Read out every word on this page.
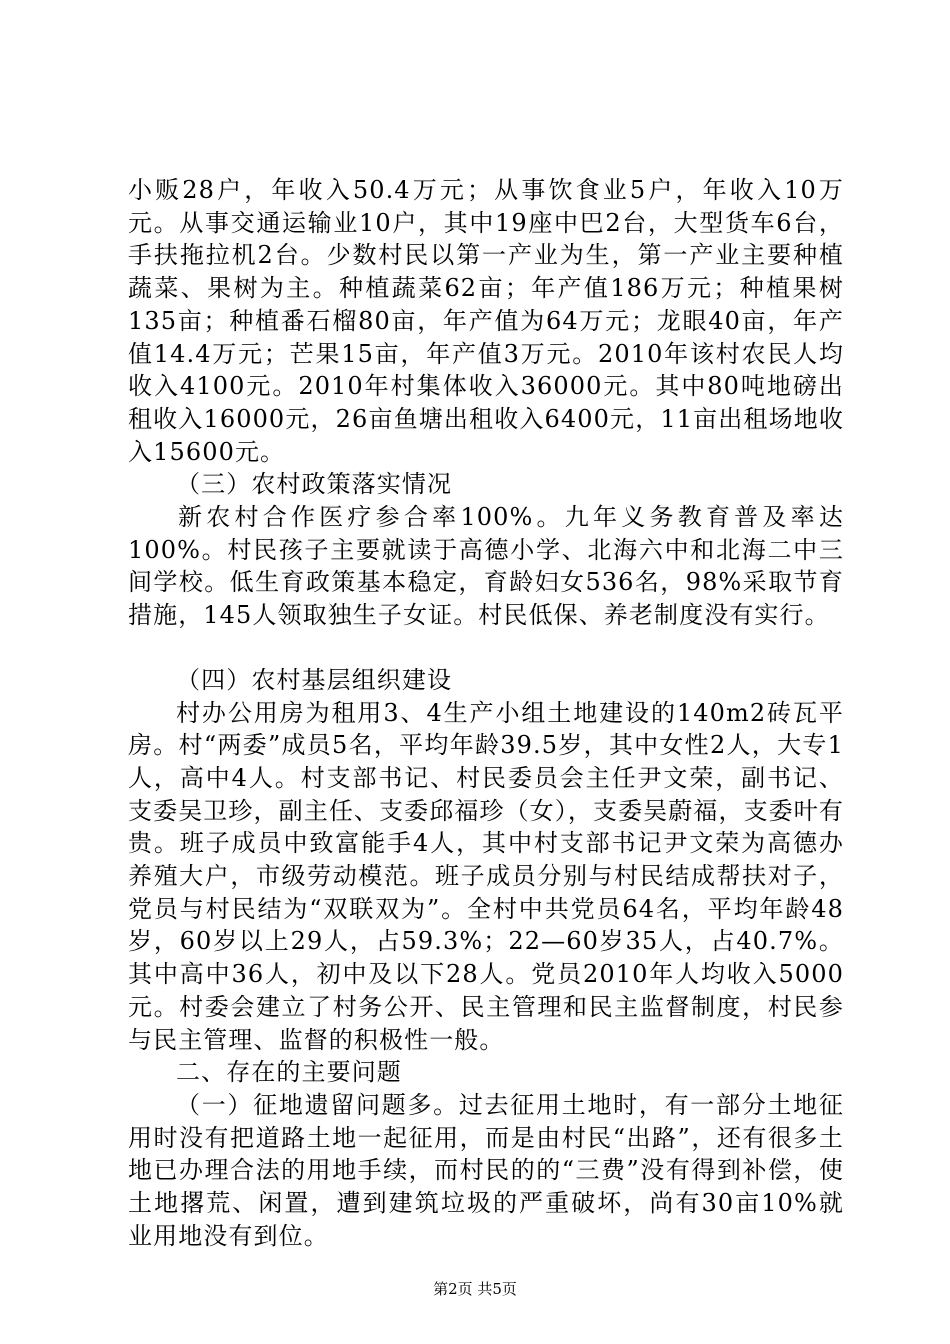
小贩28户，年收入50.4万元；从事饮食业5户，年收入10万元。从事交通运输业10户，其中19座中巴2台，大型货车6台，手扶拖拉机2台。少数村民以第一产业为生，第一产业主要种植蔬菜、果树为主。种植蔬菜62亩；年产值186万元；种植果树135亩；种植番石榴80亩，年产值为64万元；龙眼40亩，年产值14.4万元；芒果15亩，年产值3万元。2010年该村农民人均收入4100元。2010年村集体收入36000元。其中80吨地磅出租收入16000元，26亩鱼塘出租收入6400元，11亩出租场地收入15600元。

（三）农村政策落实情况

新农村合作医疗参合率100%。九年义务教育普及率达100%。村民孩子主要就读于高德小学、北海六中和北海二中三间学校。低生育政策基本稳定，育龄妇女536名，98%采取节育措施，145人领取独生子女证。村民低保、养老制度没有实行。

（四）农村基层组织建设

村办公用房为租用3、4生产小组土地建设的140m2砖瓦平房。村“两委”成员5名，平均年龄39.5岁，其中女性2人，大专1人，高中4人。村支部书记、村民委员会主任尹文荣，副书记、支委吴卫珍，副主任、支委邱福珍（女），支委吴蔚福，支委叶有贵。班子成员中致富能手4人，其中村支部书记尹文荣为高德办养殖大户，市级劳动模范。班子成员分别与村民结成帮扶对子，党员与村民结为“双联双为”。全村中共党员64名，平均年龄48岁，60岁以上29人，占59.3%；22—60岁35人，占40.7%。其中高中36人，初中及以下28人。党员2010年人均收入5000元。村委会建立了村务公开、民主管理和民主监督制度，村民参与民主管理、监督的积极性一般。

二、存在的主要问题

（一）征地遗留问题多。过去征用土地时，有一部分土地征用时没有把道路土地一起征用，而是由村民“出路”，还有很多土地已办理合法的用地手续，而村民的的“三费”没有得到补偿，使土地撂荒、闲置，遭到建筑垃圾的严重破坏，尚有30亩10%就业用地没有到位。

第2页 共5页
